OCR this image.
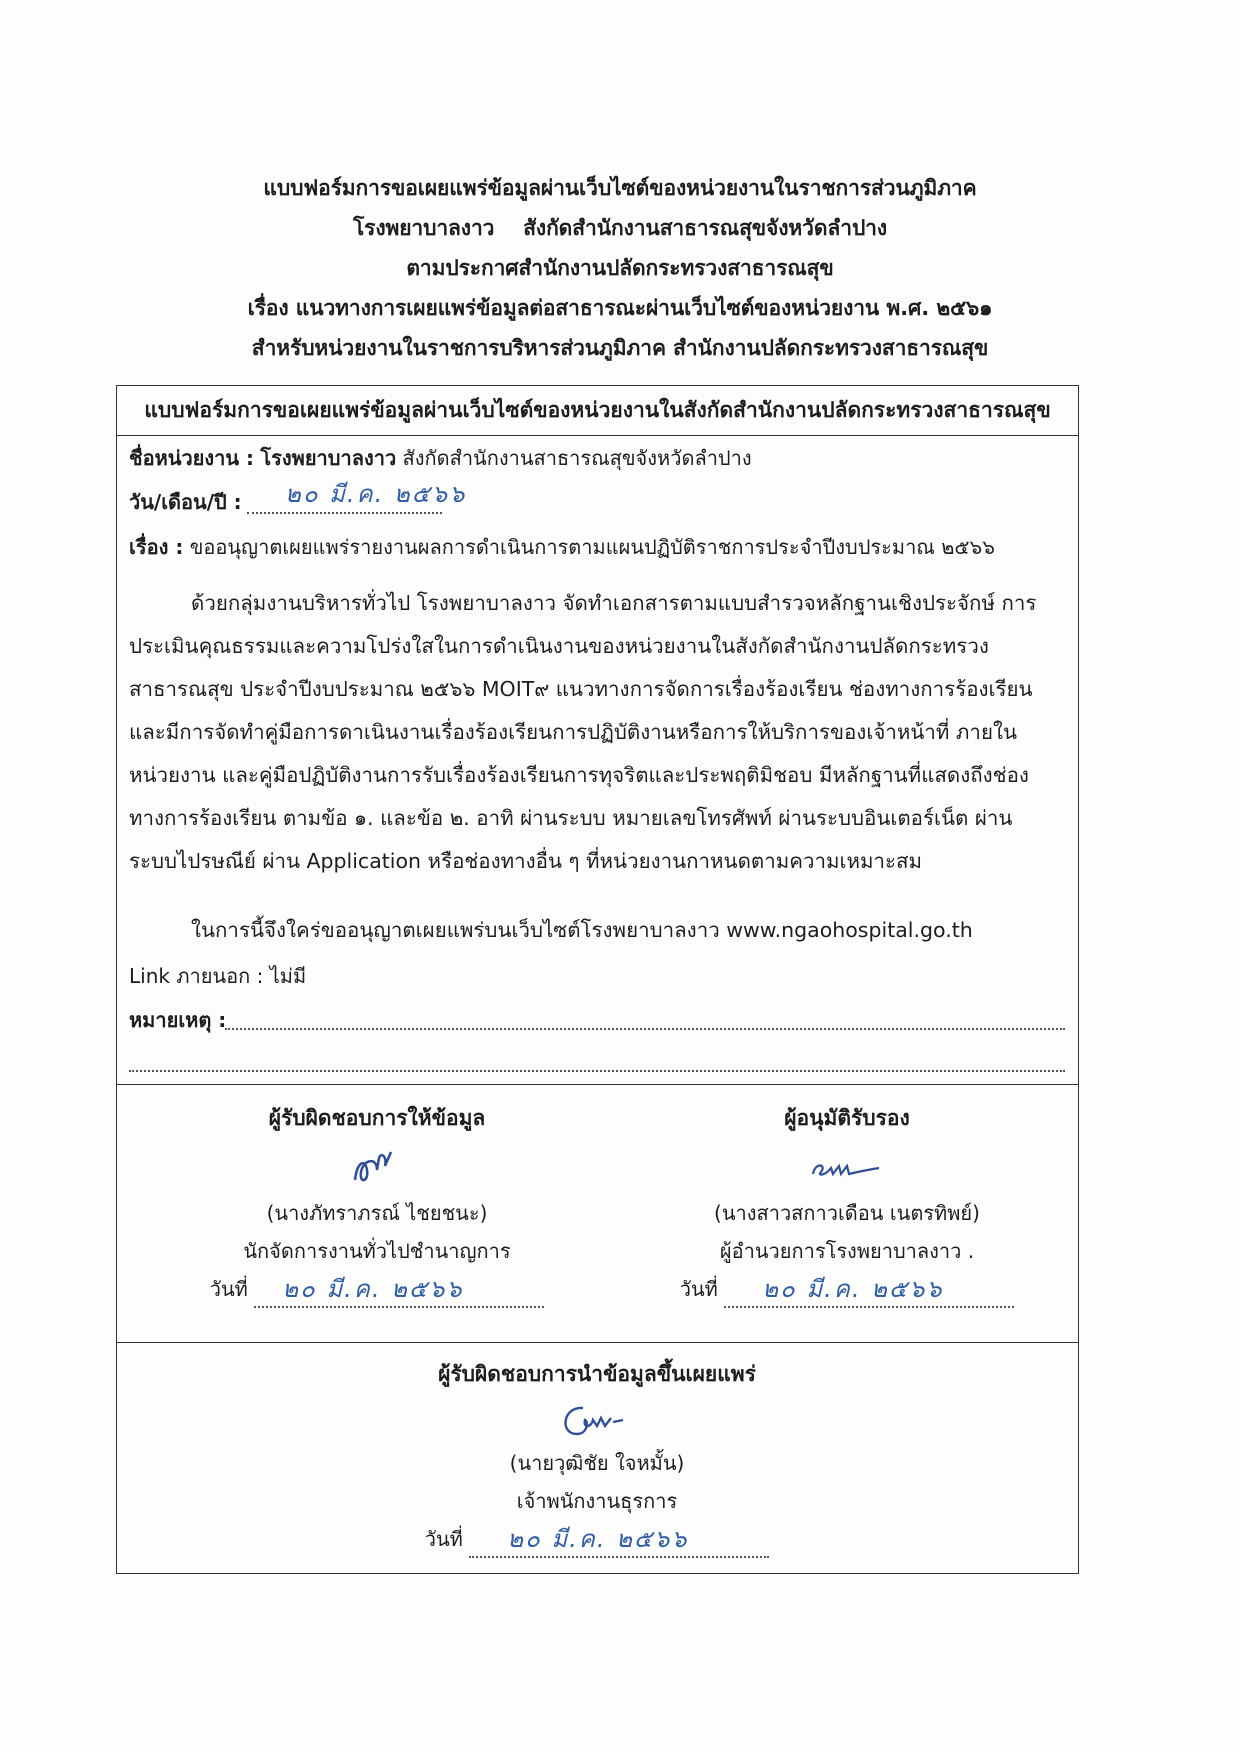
แบบฟอร์มการขอเผยแพร่ข้อมูลผ่านเว็บไซต์ของหน่วยงานในราชการส่วนภูมิภาค
โรงพยาบาลงาว    สังกัดสำนักงานสาธารณสุขจังหวัดลำปาง
ตามประกาศสำนักงานปลัดกระทรวงสาธารณสุข
เรื่อง แนวทางการเผยแพร่ข้อมูลต่อสาธารณะผ่านเว็บไซต์ของหน่วยงาน พ.ศ. ๒๕๖๑
สำหรับหน่วยงานในราชการบริหารส่วนภูมิภาค สำนักงานปลัดกระทรวงสาธารณสุข
แบบฟอร์มการขอเผยแพร่ข้อมูลผ่านเว็บไซต์ของหน่วยงานในสังกัดสำนักงานปลัดกระทรวงสาธารณสุข
ชื่อหน่วยงาน : โรงพยาบาลงาว สังกัดสำนักงานสาธารณสุขจังหวัดลำปาง
วัน/เดือน/ปี : ๒๐ มี.ค. ๒๕๖๖
เรื่อง : ขออนุญาตเผยแพร่รายงานผลการดำเนินการตามแผนปฏิบัติราชการประจำปีงบประมาณ ๒๕๖๖
ด้วยกลุ่มงานบริหารทั่วไป โรงพยาบาลงาว จัดทำเอกสารตามแบบสำรวจหลักฐานเชิงประจักษ์ การ
ประเมินคุณธรรมและความโปร่งใสในการดำเนินงานของหน่วยงานในสังกัดสำนักงานปลัดกระทรวง
สาธารณสุข ประจำปีงบประมาณ ๒๕๖๖ MOIT๙ แนวทางการจัดการเรื่องร้องเรียน ช่องทางการร้องเรียน
และมีการจัดทำคู่มือการดาเนินงานเรื่องร้องเรียนการปฏิบัติงานหรือการให้บริการของเจ้าหน้าที่ ภายใน
หน่วยงาน และคู่มือปฏิบัติงานการรับเรื่องร้องเรียนการทุจริตและประพฤติมิชอบ มีหลักฐานที่แสดงถึงช่อง
ทางการร้องเรียน ตามข้อ ๑. และข้อ ๒. อาทิ ผ่านระบบ หมายเลขโทรศัพท์ ผ่านระบบอินเตอร์เน็ต ผ่าน
ระบบไปรษณีย์ ผ่าน Application หรือช่องทางอื่น ๆ ที่หน่วยงานกาหนดตามความเหมาะสม
ในการนี้จึงใคร่ขออนุญาตเผยแพร่บนเว็บไซต์โรงพยาบาลงาว www.ngaohospital.go.th
Link ภายนอก : ไม่มี
หมายเหตุ :
ผู้รับผิดชอบการให้ข้อมูล
(นางภัทราภรณ์ ไชยชนะ)
นักจัดการงานทั่วไปชำนาญการ
วันที่ ๒๐ มี.ค. ๒๕๖๖
ผู้อนุมัติรับรอง
(นางสาวสกาวเดือน เนตรทิพย์)
ผู้อำนวยการโรงพยาบาลงาว .
วันที่ ๒๐ มี.ค. ๒๕๖๖
ผู้รับผิดชอบการนำข้อมูลขึ้นเผยแพร่
(นายวุฒิชัย ใจหมั้น)
เจ้าพนักงานธุรการ
วันที่ ๒๐ มี.ค. ๒๕๖๖
